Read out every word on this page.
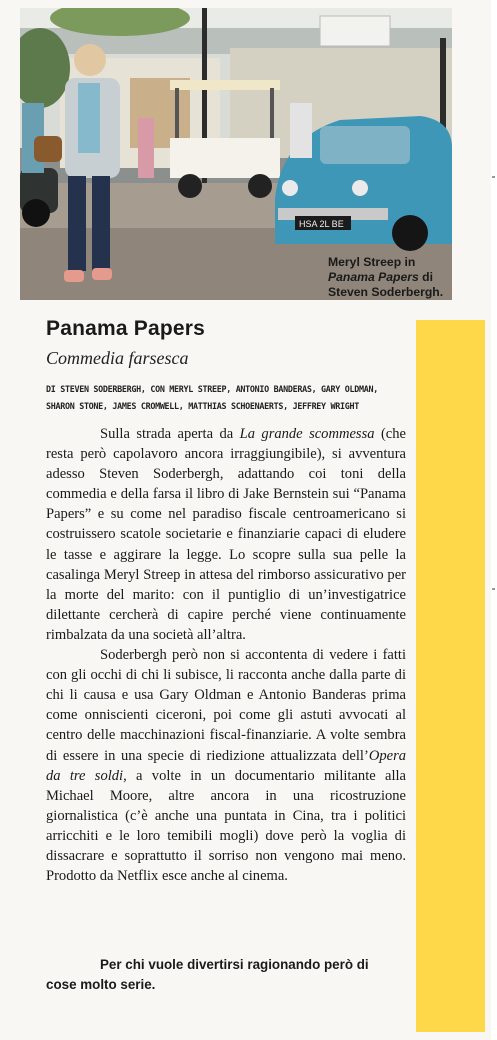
HSA 2L BE
Meryl Streep in
Panama Papers di
Steven Soderbergh.
Panama Papers
Commedia farsesca
DI STEVEN SODERBERGH, CON MERYL STREEP, ANTONIO BANDERAS, GARY OLDMAN, SHARON STONE, JAMES CROMWELL, MATTHIAS SCHOENAERTS, JEFFREY WRIGHT

Sulla strada aperta da La grande scommessa (che resta però capolavoro ancora irraggiungibile), si avventura adesso Steven Soderbergh, adattando coi toni della commedia e della farsa il libro di Jake Bernstein sui “Panama Papers” e su come nel paradiso fiscale centroamericano si costruissero scatole societarie e finanziarie capaci di eludere le tasse e aggirare la legge. Lo scopre sulla sua pelle la casalinga Meryl Streep in attesa del rimborso assicurativo per la morte del marito: con il puntiglio di un’investigatrice dilettante cercherà di capire perché viene continuamente rimbalzata da una società all’altra.

Soderbergh però non si accontenta di vedere i fatti con gli occhi di chi li subisce, li racconta anche dalla parte di chi li causa e usa Gary Oldman e Antonio Banderas prima come onniscienti ciceroni, poi come gli astuti avvocati al centro delle macchinazioni fiscal-finanziarie. A volte sembra di essere in una specie di riedizione attualizzata dell’Opera da tre soldi, a volte in un documentario militante alla Michael Moore, altre ancora in una ricostruzione giornalistica (c’è anche una puntata in Cina, tra i politici arricchiti e le loro temibili mogli) dove però la voglia di dissacrare e soprattutto il sorriso non vengono mai meno. Prodotto da Netflix esce anche al cinema.

Per chi vuole divertirsi ragionando però di cose molto serie.
